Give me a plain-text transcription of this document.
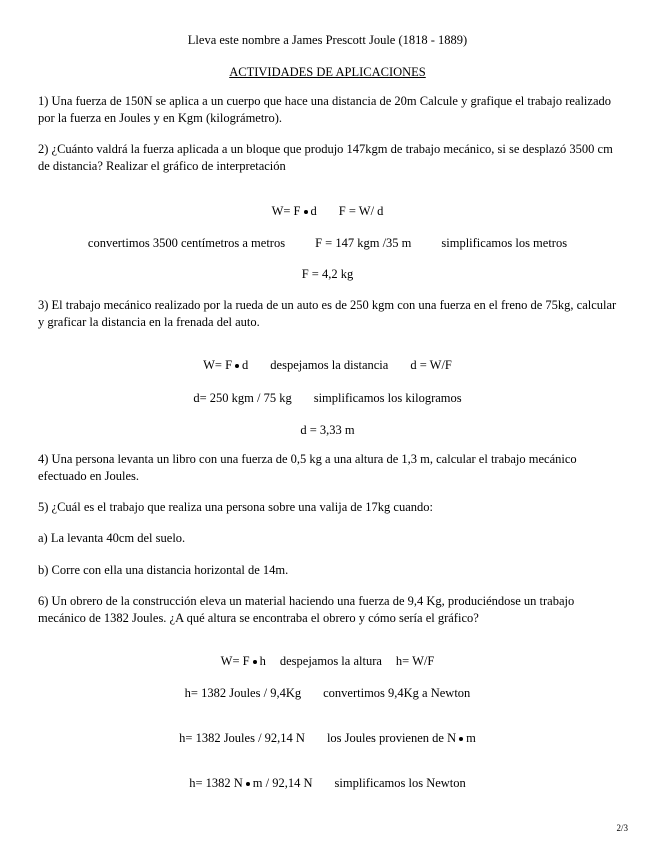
Lleva este nombre a James Prescott Joule (1818 - 1889)
ACTIVIDADES DE APLICACIONES
1) Una fuerza de 150N se aplica a un cuerpo que hace una distancia de 20m Calcule y grafique el trabajo realizado por la fuerza en Joules y en Kgm (kilográmetro).
2) ¿Cuánto valdrá la fuerza aplicada a un bloque que produjo 147kgm de trabajo mecánico, si se desplazó 3500 cm de distancia? Realizar el gráfico de interpretación
W= F d F = W/ d
convertimos 3500 centímetros a metros F = 147 kgm /35 m simplificamos los metros
F = 4,2 kg
3) El trabajo mecánico realizado por la rueda de un auto es de 250 kgm con una fuerza en el freno de 75kg, calcular y graficar la distancia en la frenada del auto.
W= F d despejamos la distancia d = W/F
d= 250 kgm / 75 kg simplificamos los kilogramos
d = 3,33 m
4) Una persona levanta un libro con una fuerza de 0,5 kg a una altura de 1,3 m, calcular el trabajo mecánico efectuado en Joules.
5) ¿Cuál es el trabajo que realiza una persona sobre una valija de 17kg cuando:
a) La levanta 40cm del suelo.
b) Corre con ella una distancia horizontal de 14m.
6) Un obrero de la construcción eleva un material haciendo una fuerza de 9,4 Kg, produciéndose un trabajo mecánico de 1382 Joules. ¿A qué altura se encontraba el obrero y cómo sería el gráfico?
W= F h despejamos la altura h= W/F
h= 1382 Joules / 9,4Kg convertimos 9,4Kg a Newton
h= 1382 Joules / 92,14 N los Joules provienen de N m
h= 1382 N m / 92,14 N simplificamos los Newton
2/3
